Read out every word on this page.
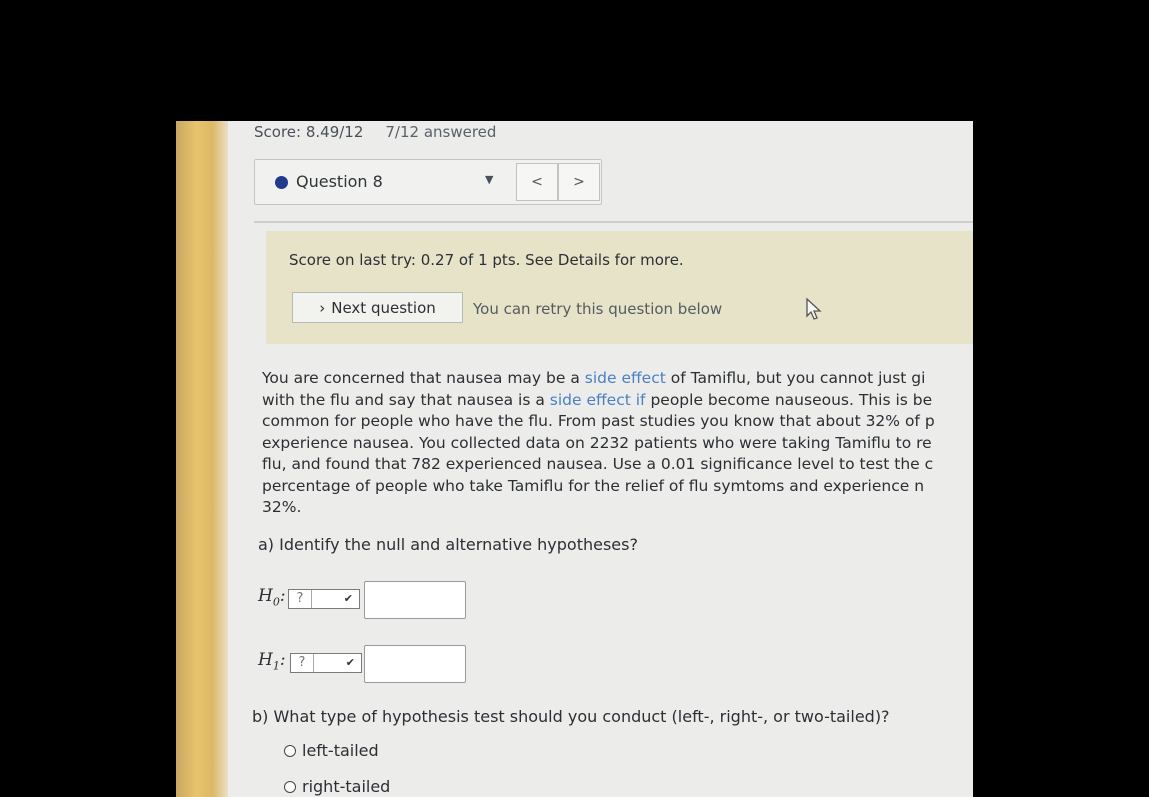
Score: 8.49/12 7/12 answered
Question 8	▼	<	>
Score on last try: 0.27 of 1 pts. See Details for more.
› Next question You can retry this question below
You are concerned that nausea may be a side effect of Tamiflu, but you cannot just gi
with the flu and say that nausea is a side effect if people become nauseous. This is be
common for people who have the flu. From past studies you know that about 32% of p
experience nausea. You collected data on 2232 patients who were taking Tamiflu to re
flu, and found that 782 experienced nausea. Use a 0.01 significance level to test the c
percentage of people who take Tamiflu for the relief of flu symtoms and experience n
32%.
a) Identify the null and alternative hypotheses?
$H_0$: ?	✔
$H_1$: ?	✔
b) What type of hypothesis test should you conduct (left-, right-, or two-tailed)?
left-tailed
right-tailed
